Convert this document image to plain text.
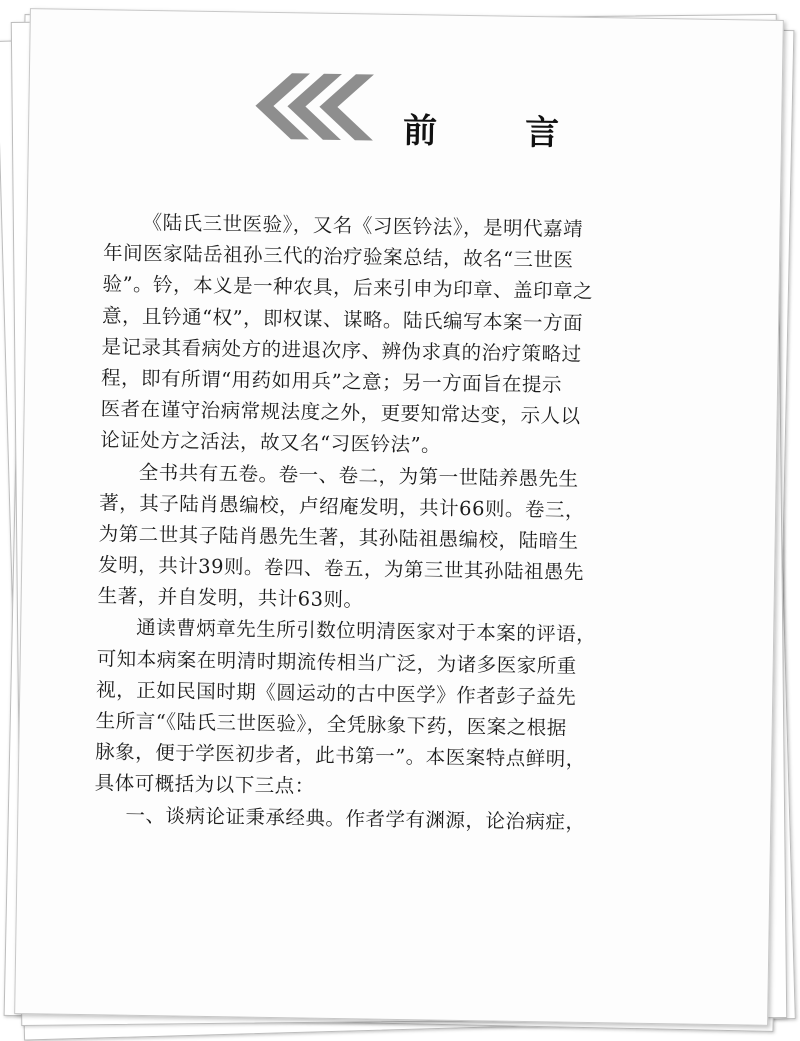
前言
《陆氏三世医验》，又名《习医钤法》，是明代嘉靖
年间医家陆岳祖孙三代的治疗验案总结，故名“三世医
验”。钤，本义是一种农具，后来引申为印章、盖印章之
意，且钤通“权”，即权谋、谋略。陆氏编写本案一方面
是记录其看病处方的进退次序、辨伪求真的治疗策略过
程，即有所谓“用药如用兵”之意；另一方面旨在提示
医者在谨守治病常规法度之外，更要知常达变，示人以
论证处方之活法，故又名“习医钤法”。
全书共有五卷。卷一、卷二，为第一世陆养愚先生
著，其子陆肖愚编校，卢绍庵发明，共计66则。卷三，
为第二世其子陆肖愚先生著，其孙陆祖愚编校，陆暗生
发明，共计39则。卷四、卷五，为第三世其孙陆祖愚先
生著，并自发明，共计63则。
通读曹炳章先生所引数位明清医家对于本案的评语，
可知本病案在明清时期流传相当广泛，为诸多医家所重
视，正如民国时期《圆运动的古中医学》作者彭子益先
生所言“《陆氏三世医验》，全凭脉象下药，医案之根据
脉象，便于学医初步者，此书第一”。本医案特点鲜明，
具体可概括为以下三点：
一、谈病论证秉承经典。作者学有渊源，论治病症，
